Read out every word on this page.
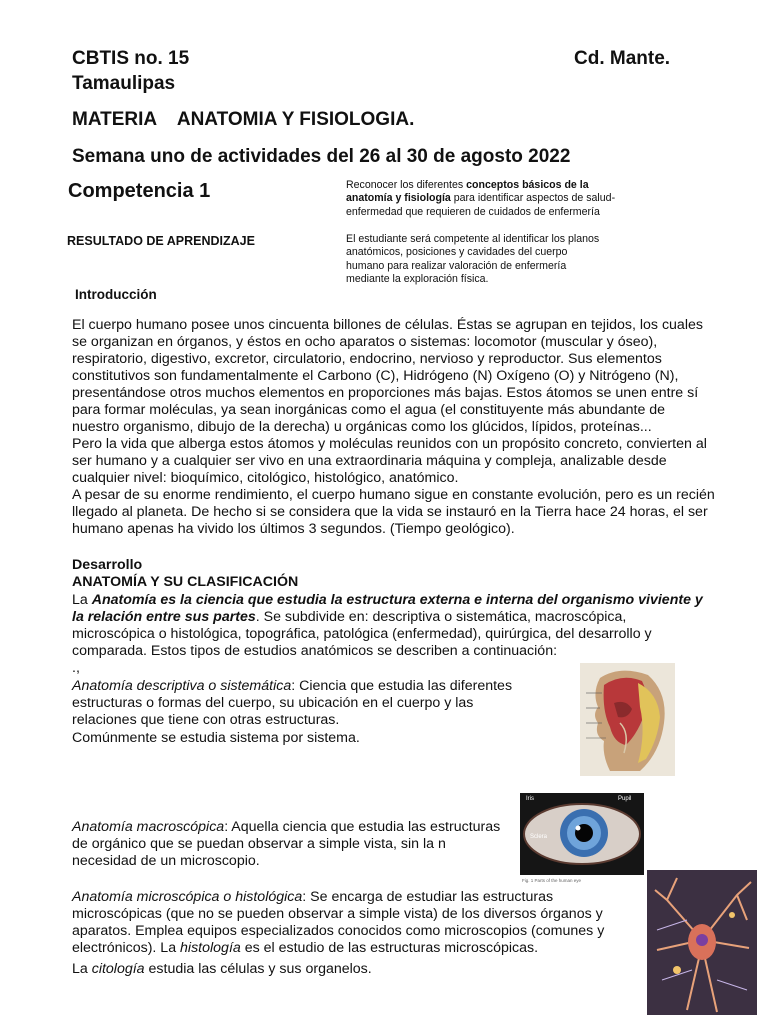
CBTIS no. 15	Cd. Mante.
Tamaulipas
MATERIA    ANATOMIA Y FISIOLOGIA.
Semana uno de actividades del 26 al 30 de agosto 2022
Competencia 1	Reconocer los diferentes conceptos básicos de la anatomía y fisiología para identificar aspectos de salud-enfermedad que requieren de cuidados de enfermería
RESULTADO DE APRENDIZAJE	El estudiante será competente al identificar los planos anatómicos, posiciones y cavidades del cuerpo humano para realizar valoración de enfermería mediante la exploración física.
Introducción

El cuerpo humano posee unos cincuenta billones de células. Éstas se agrupan en tejidos, los cuales se organizan en órganos, y éstos en ocho aparatos o sistemas: locomotor (muscular y óseo), respiratorio, digestivo, excretor, circulatorio, endocrino, nervioso y reproductor. Sus elementos constitutivos son fundamentalmente el Carbono (C), Hidrógeno (N) Oxígeno (O) y Nitrógeno (N), presentándose otros muchos elementos en proporciones más bajas. Estos átomos se unen entre sí para formar moléculas, ya sean inorgánicas como el agua (el constituyente más abundante de nuestro organismo, dibujo de la derecha) u orgánicas como los glúcidos, lípidos, proteínas...

Pero la vida que alberga estos átomos y moléculas reunidos con un propósito concreto, convierten al ser humano y a cualquier ser vivo en una extraordinaria máquina y compleja, analizable desde cualquier nivel: bioquímico, citológico, histológico, anatómico.

A pesar de su enorme rendimiento, el cuerpo humano sigue en constante evolución, pero es un recién llegado al planeta. De hecho si se considera que la vida se instauró en la Tierra hace 24 horas, el ser humano apenas ha vivido los últimos 3 segundos. (Tiempo geológico).

Desarrollo
ANATOMÍA Y SU CLASIFICACIÓN
La Anatomía es la ciencia que estudia la estructura externa e interna del organismo viviente y la relación entre sus partes. Se subdivide en: descriptiva o sistemática, macroscópica, microscópica o histológica, topográfica, patológica (enfermedad), quirúrgica, del desarrollo y comparada. Estos tipos de estudios anatómicos se describen a continuación:
.,
Anatomía descriptiva o sistemática: Ciencia que estudia las diferentes estructuras o formas del cuerpo, su ubicación en el cuerpo y las relaciones que tiene con otras estructuras.
Comúnmente se estudia sistema por sistema.
Anatomía macroscópica: Aquella ciencia que estudia las estructuras de orgánico que se puedan observar a simple vista, sin la n necesidad de un microscopio.
Iris	Pupil
Sclera
Fig. 1 Parts of the human eye
Anatomía microscópica o histológica: Se encarga de estudiar las estructuras microscópicas (que no se pueden observar a simple vista) de los diversos órganos y aparatos. Emplea equipos especializados conocidos como microscopios (comunes y electrónicos). La histología es el estudio de las estructuras microscópicas.
La citología estudia las células y sus organelos.
